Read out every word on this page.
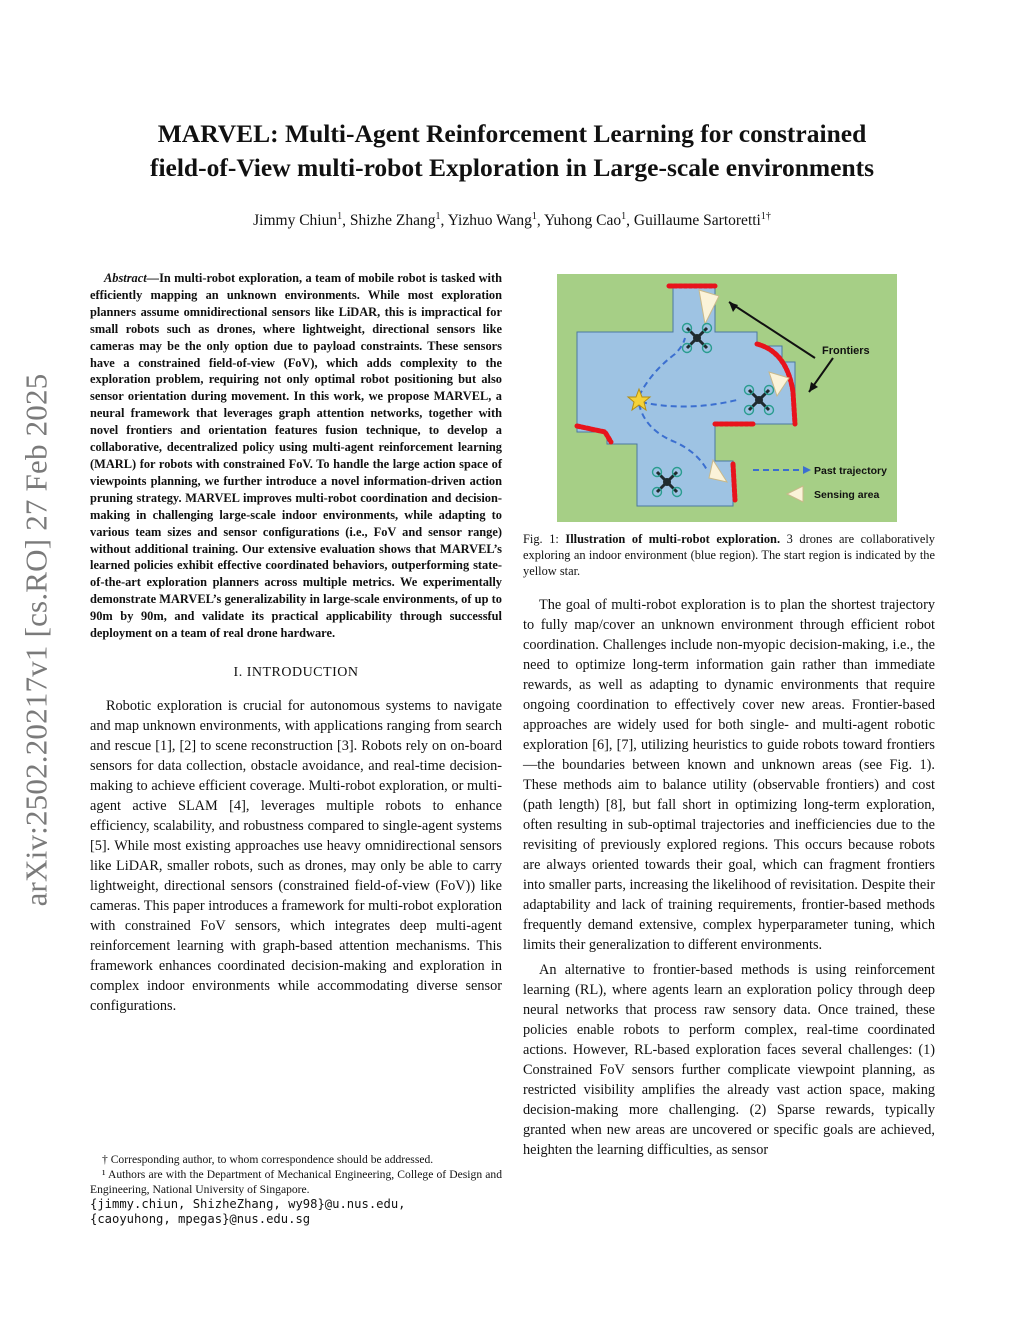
arXiv:2502.20217v1 [cs.RO] 27 Feb 2025
MARVEL: Multi-Agent Reinforcement Learning for constrained
field-of-View multi-robot Exploration in Large-scale environments
Jimmy Chiun$^1$, Shizhe Zhang$^1$, Yizhuo Wang$^1$, Yuhong Cao$^1$, Guillaume Sartoretti$^{1\dagger}$

Abstract—In multi-robot exploration, a team of mobile robot is tasked with efficiently mapping an unknown environments. While most exploration planners assume omnidirectional sensors like LiDAR, this is impractical for small robots such as drones, where lightweight, directional sensors like cameras may be the only option due to payload constraints. These sensors have a constrained field-of-view (FoV), which adds complexity to the exploration problem, requiring not only optimal robot positioning but also sensor orientation during movement. In this work, we propose MARVEL, a neural framework that leverages graph attention networks, together with novel frontiers and orientation features fusion technique, to develop a collaborative, decentralized policy using multi-agent reinforcement learning (MARL) for robots with constrained FoV. To handle the large action space of viewpoints planning, we further introduce a novel information-driven action pruning strategy. MARVEL improves multi-robot coordination and decision-making in challenging large-scale indoor environments, while adapting to various team sizes and sensor configurations (i.e., FoV and sensor range) without additional training. Our extensive evaluation shows that MARVEL’s learned policies exhibit effective coordinated behaviors, outperforming state-of-the-art exploration planners across multiple metrics. We experimentally demonstrate MARVEL’s generalizability in large-scale environments, of up to 90m by 90m, and validate its practical applicability through successful deployment on a team of real drone hardware.

I. INTRODUCTION

Robotic exploration is crucial for autonomous systems to navigate and map unknown environments, with applications ranging from search and rescue [1], [2] to scene reconstruction [3]. Robots rely on on-board sensors for data collection, obstacle avoidance, and real-time decision-making to achieve efficient coverage. Multi-robot exploration, or multi-agent active SLAM [4], leverages multiple robots to enhance efficiency, scalability, and robustness compared to single-agent systems [5]. While most existing approaches use heavy omnidirectional sensors like LiDAR, smaller robots, such as drones, may only be able to carry lightweight, directional sensors (constrained field-of-view (FoV)) like cameras. This paper introduces a framework for multi-robot exploration with constrained FoV sensors, which integrates deep multi-agent reinforcement learning with graph-based attention mechanisms. This framework enhances coordinated decision-making and exploration in complex indoor environments while accommodating diverse sensor configurations.

† Corresponding author, to whom correspondence should be addressed.

¹ Authors are with the Department of Mechanical Engineering, College of Design and Engineering, National University of Singapore.

{jimmy.chiun, ShizheZhang, wy98}@u.nus.edu,

{caoyuhong, mpegas}@nus.edu.sg

Frontiers
Past trajectory
Sensing area

Fig. 1: Illustration of multi-robot exploration. 3 drones are collaboratively exploring an indoor environment (blue region). The start region is indicated by the yellow star.

The goal of multi-robot exploration is to plan the shortest trajectory to fully map/cover an unknown environment through efficient robot coordination. Challenges include non-myopic decision-making, i.e., the need to optimize long-term information gain rather than immediate rewards, as well as adapting to dynamic environments that require ongoing coordination to effectively cover new areas. Frontier-based approaches are widely used for both single- and multi-agent robotic exploration [6], [7], utilizing heuristics to guide robots toward frontiers—the boundaries between known and unknown areas (see Fig. 1). These methods aim to balance utility (observable frontiers) and cost (path length) [8], but fall short in optimizing long-term exploration, often resulting in sub-optimal trajectories and inefficiencies due to the revisiting of previously explored regions. This occurs because robots are always oriented towards their goal, which can fragment frontiers into smaller parts, increasing the likelihood of revisitation. Despite their adaptability and lack of training requirements, frontier-based methods frequently demand extensive, complex hyperparameter tuning, which limits their generalization to different environments.

An alternative to frontier-based methods is using reinforcement learning (RL), where agents learn an exploration policy through deep neural networks that process raw sensory data. Once trained, these policies enable robots to perform complex, real-time coordinated actions. However, RL-based exploration faces several challenges: (1) Constrained FoV sensors further complicate viewpoint planning, as restricted visibility amplifies the already vast action space, making decision-making more challenging. (2) Sparse rewards, typically granted when new areas are uncovered or specific goals are achieved, heighten the learning difficulties, as sensor
